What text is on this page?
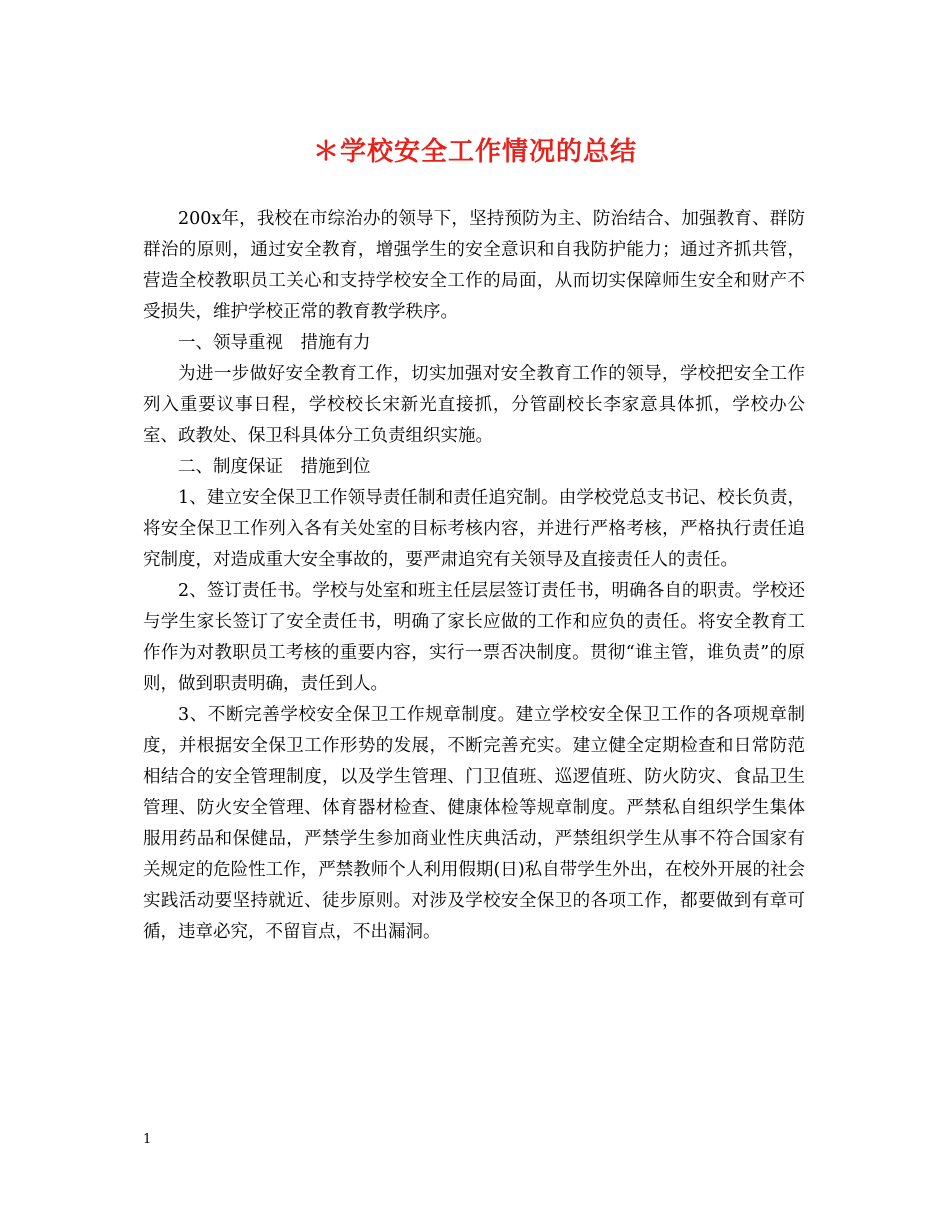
＊学校安全工作情况的总结

200x年，我校在市综治办的领导下，坚持预防为主、防治结合、加强教育、群防群治的原则，通过安全教育，增强学生的安全意识和自我防护能力；通过齐抓共管，营造全校教职员工关心和支持学校安全工作的局面，从而切实保障师生安全和财产不受损失，维护学校正常的教育教学秩序。

一、领导重视　措施有力

为进一步做好安全教育工作，切实加强对安全教育工作的领导，学校把安全工作列入重要议事日程，学校校长宋新光直接抓，分管副校长李家意具体抓，学校办公室、政教处、保卫科具体分工负责组织实施。

二、制度保证　措施到位

1、建立安全保卫工作领导责任制和责任追究制。由学校党总支书记、校长负责，将安全保卫工作列入各有关处室的目标考核内容，并进行严格考核，严格执行责任追究制度，对造成重大安全事故的，要严肃追究有关领导及直接责任人的责任。

2、签订责任书。学校与处室和班主任层层签订责任书，明确各自的职责。学校还与学生家长签订了安全责任书，明确了家长应做的工作和应负的责任。将安全教育工作作为对教职员工考核的重要内容，实行一票否决制度。贯彻“谁主管，谁负责”的原则，做到职责明确，责任到人。

3、不断完善学校安全保卫工作规章制度。建立学校安全保卫工作的各项规章制度，并根据安全保卫工作形势的发展，不断完善充实。建立健全定期检查和日常防范相结合的安全管理制度，以及学生管理、门卫值班、巡逻值班、防火防灾、食品卫生管理、防火安全管理、体育器材检查、健康体检等规章制度。严禁私自组织学生集体服用药品和保健品，严禁学生参加商业性庆典活动，严禁组织学生从事不符合国家有关规定的危险性工作，严禁教师个人利用假期(日)私自带学生外出，在校外开展的社会实践活动要坚持就近、徒步原则。对涉及学校安全保卫的各项工作，都要做到有章可循，违章必究，不留盲点，不出漏洞。

1
